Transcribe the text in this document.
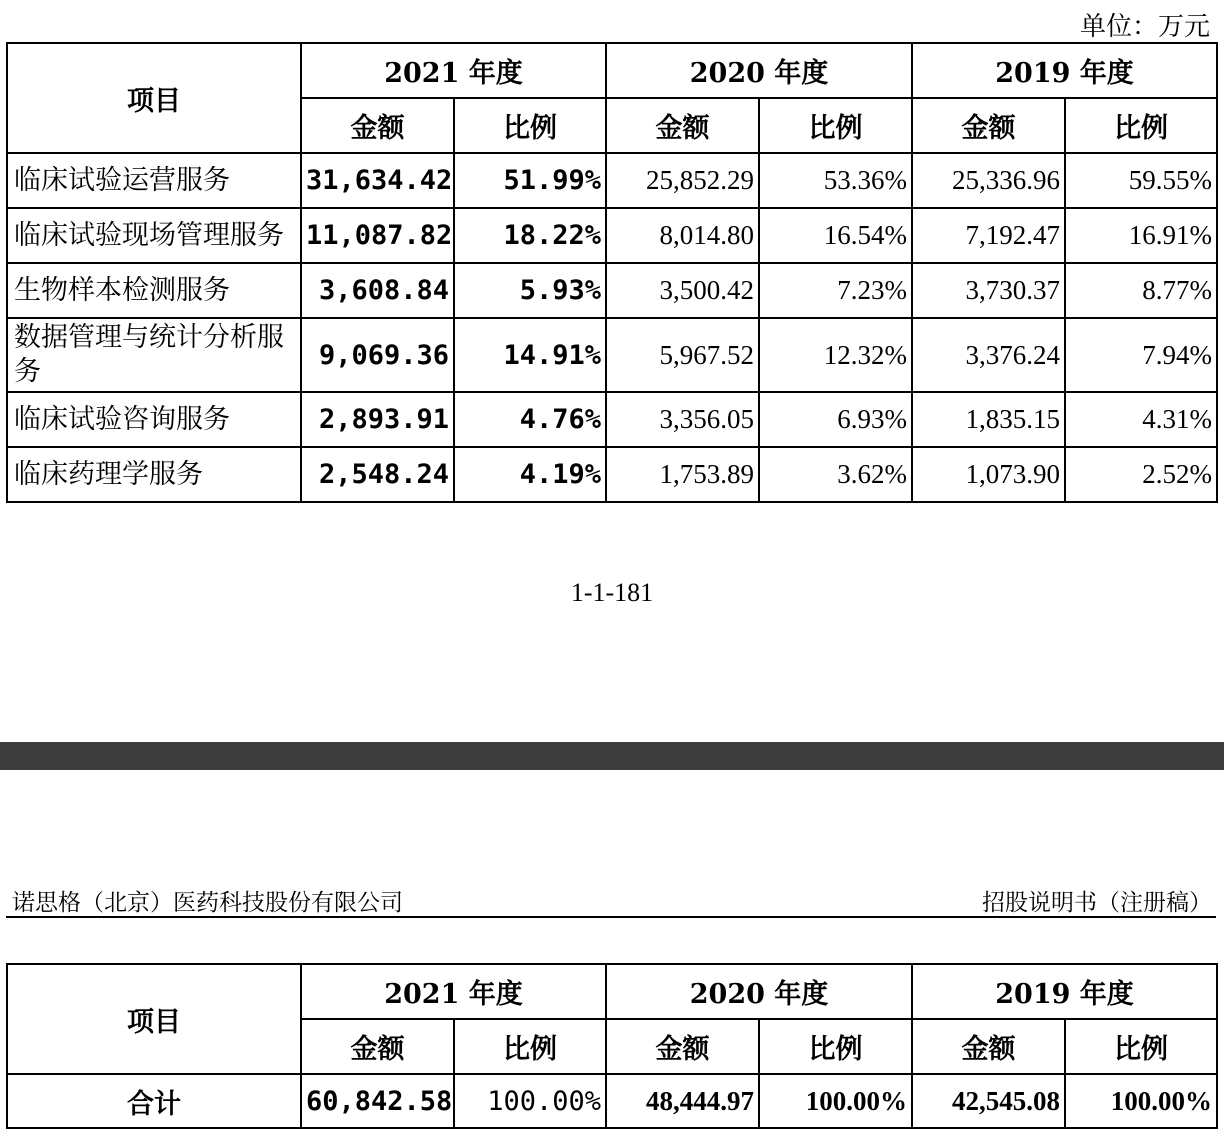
单位：万元
项目	2021 年度		2020 年度		2019 年度	
	金额	比例	金额	比例	金额	比例
临床试验运营服务	31,634.42	51.99%	25,852.29	53.36%	25,336.96	59.55%
临床试验现场管理服务	11,087.82	18.22%	8,014.80	16.54%	7,192.47	16.91%
生物样本检测服务	3,608.84	5.93%	3,500.42	7.23%	3,730.37	8.77%
数据管理与统计分析服务	9,069.36	14.91%	5,967.52	12.32%	3,376.24	7.94%
临床试验咨询服务	2,893.91	4.76%	3,356.05	6.93%	1,835.15	4.31%
临床药理学服务	2,548.24	4.19%	1,753.89	3.62%	1,073.90	2.52%
1-1-181
诺思格（北京）医药科技股份有限公司	招股说明书（注册稿）
项目	2021 年度		2020 年度		2019 年度	
	金额	比例	金额	比例	金额	比例
合计	60,842.58	100.00%	48,444.97	100.00%	42,545.08	100.00%
